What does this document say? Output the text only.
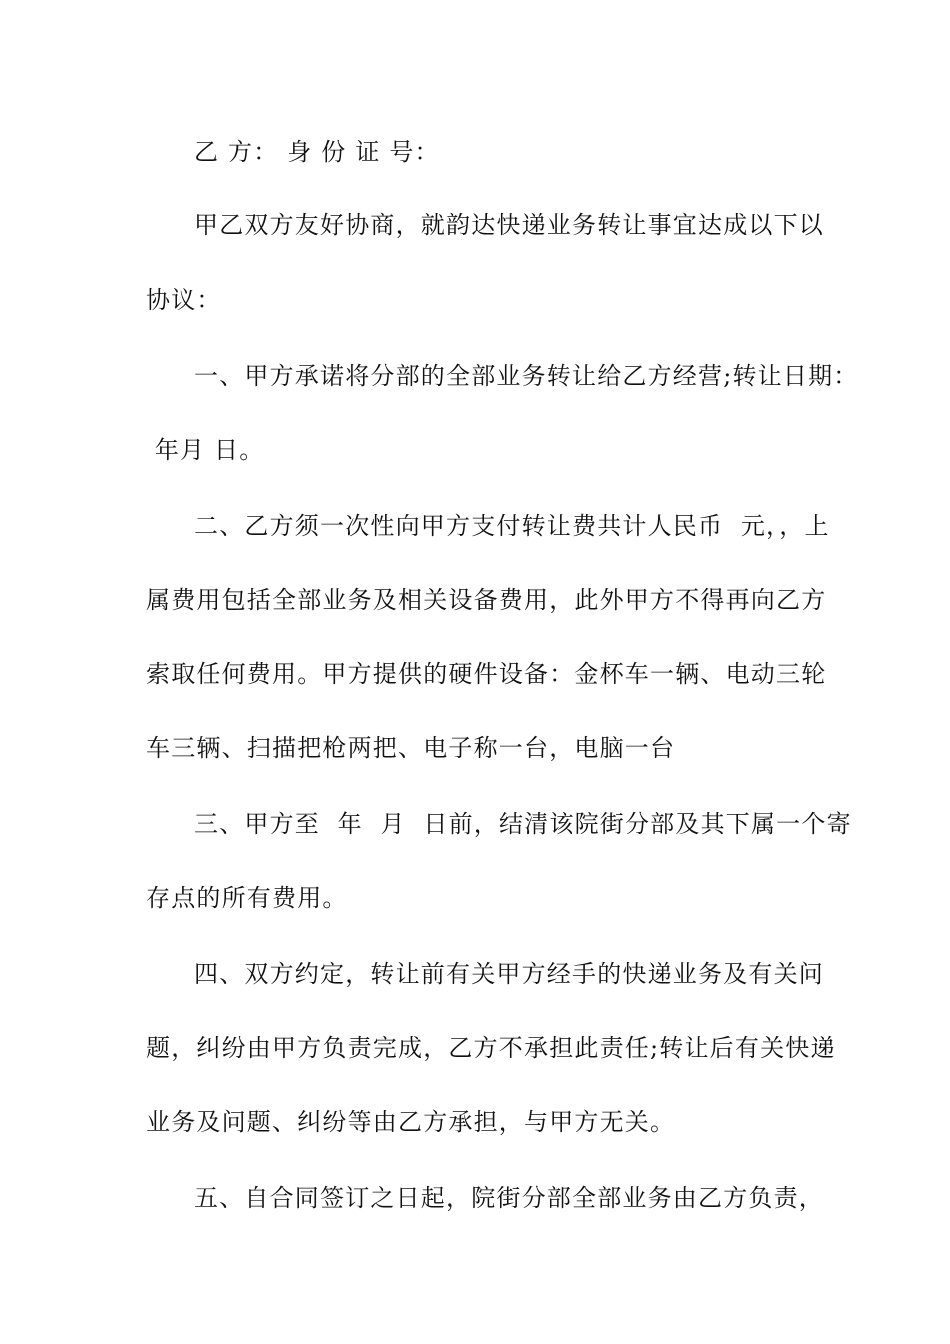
乙 方： 身 份 证 号：
甲乙双方友好协商，就韵达快递业务转让事宜达成以下以
协议：
一、甲方承诺将分部的全部业务转让给乙方经营;转让日期：
年月 日。
二、乙方须一次性向甲方支付转让费共计人民币  元，，上
属费用包括全部业务及相关设备费用，此外甲方不得再向乙方
索取任何费用。甲方提供的硬件设备：金杯车一辆、电动三轮
车三辆、扫描把枪两把、电子称一台，电脑一台
三、甲方至  年  月  日前，结清该院街分部及其下属一个寄
存点的所有费用。
四、双方约定，转让前有关甲方经手的快递业务及有关问
题，纠纷由甲方负责完成，乙方不承担此责任;转让后有关快递
业务及问题、纠纷等由乙方承担，与甲方无关。
五、自合同签订之日起，院街分部全部业务由乙方负责，
